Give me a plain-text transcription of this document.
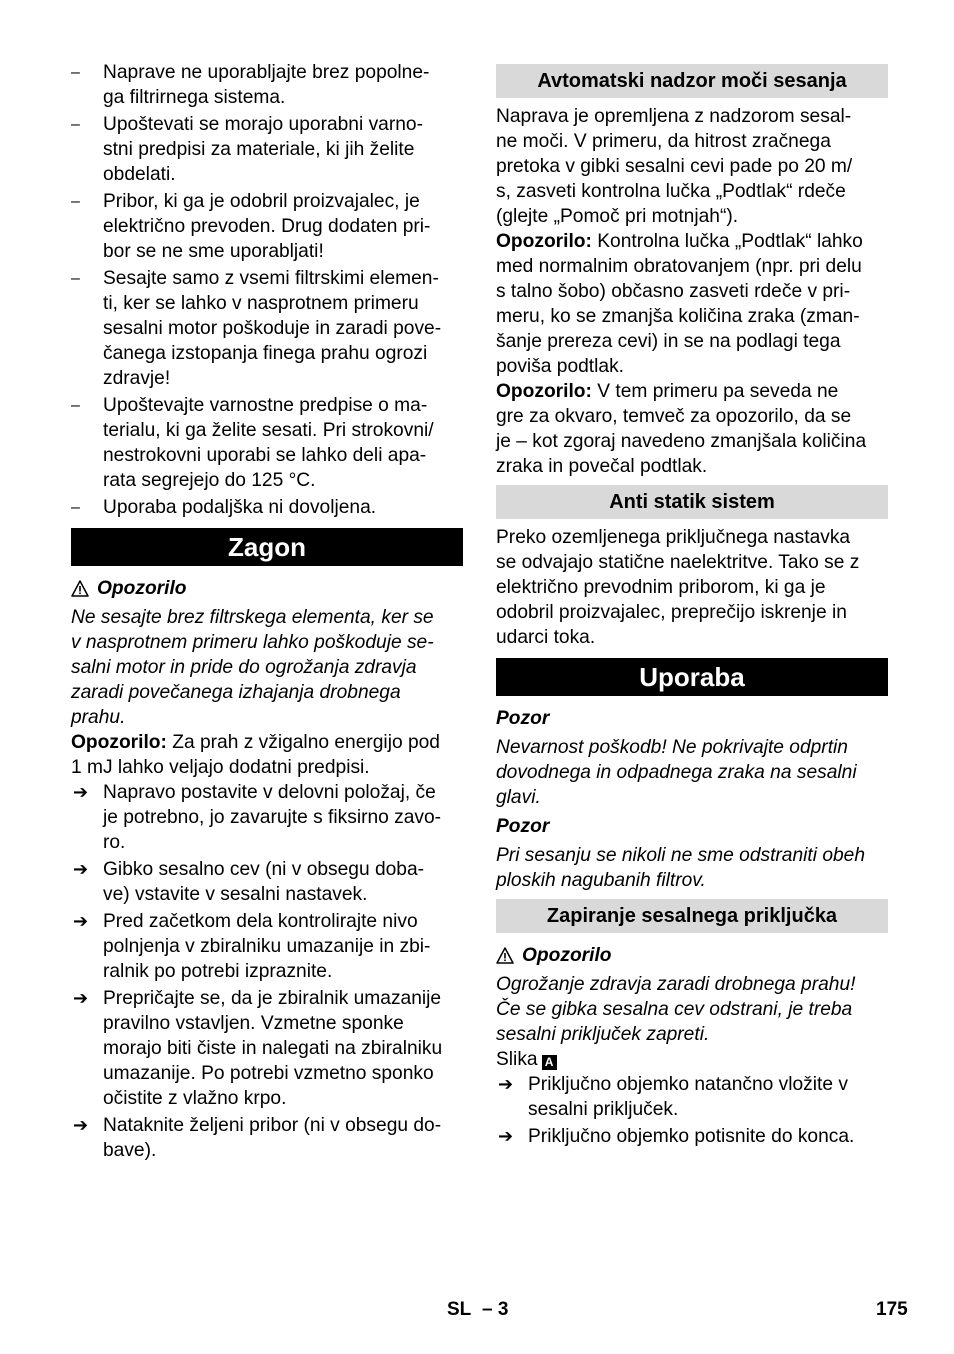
–	Naprave ne uporabljajte brez popolne-
ga filtrirnega sistema.

–	Upoštevati se morajo uporabni varno-
stni predpisi za materiale, ki jih želite
obdelati.

–	Pribor, ki ga je odobril proizvajalec, je
električno prevoden. Drug dodaten pri-
bor se ne sme uporabljati!

–	Sesajte samo z vsemi filtrskimi elemen-
ti, ker se lahko v nasprotnem primeru
sesalni motor poškoduje in zaradi pove-
čanega izstopanja finega prahu ogrozi
zdravje!

–	Upoštevajte varnostne predpise o ma-
terialu, ki ga želite sesati. Pri strokovni/
nestrokovni uporabi se lahko deli apa-
rata segrejejo do 125 °C.

–	Uporaba podaljška ni dovoljena.

Zagon
Opozorilo

Ne sesajte brez filtrskega elementa, ker se
v nasprotnem primeru lahko poškoduje se-
salni motor in pride do ogrožanja zdravja
zaradi povečanega izhajanja drobnega
prahu.

Opozorilo: Za prah z vžigalno energijo pod
1 mJ lahko veljajo dodatni predpisi.

➔ Napravo postavite v delovni položaj, če
je potrebno, jo zavarujte s fiksirno zavo-
ro.

➔ Gibko sesalno cev (ni v obsegu doba-
ve) vstavite v sesalni nastavek.

➔ Pred začetkom dela kontrolirajte nivo
polnjenja v zbiralniku umazanije in zbi-
ralnik po potrebi izpraznite.

➔ Prepričajte se, da je zbiralnik umazanije
pravilno vstavljen. Vzmetne sponke
morajo biti čiste in nalegati na zbiralniku
umazanije. Po potrebi vzmetno sponko
očistite z vlažno krpo.

➔ Nataknite željeni pribor (ni v obsegu do-
bave).

Avtomatski nadzor moči sesanja

Naprava je opremljena z nadzorom sesal-
ne moči. V primeru, da hitrost zračnega
pretoka v gibki sesalni cevi pade po 20 m/
s, zasveti kontrolna lučka „Podtlak“ rdeče
(glejte „Pomoč pri motnjah“).

Opozorilo: Kontrolna lučka „Podtlak“ lahko
med normalnim obratovanjem (npr. pri delu
s talno šobo) občasno zasveti rdeče v pri-
meru, ko se zmanjša količina zraka (zman-
šanje prereza cevi) in se na podlagi tega
poviša podtlak.

Opozorilo: V tem primeru pa seveda ne
gre za okvaro, temveč za opozorilo, da se
je – kot zgoraj navedeno zmanjšala količina
zraka in povečal podtlak.

Anti statik sistem

Preko ozemljenega priključnega nastavka
se odvajajo statične naelektritve. Tako se z
električno prevodnim priborom, ki ga je
odobril proizvajalec, preprečijo iskrenje in
udarci toka.

Uporaba

Pozor

Nevarnost poškodb! Ne pokrivajte odprtin
dovodnega in odpadnega zraka na sesalni
glavi.

Pozor

Pri sesanju se nikoli ne sme odstraniti obeh
ploskih nagubanih filtrov.

Zapiranje sesalnega priključka
Opozorilo

Ogrožanje zdravja zaradi drobnega prahu!
Če se gibka sesalna cev odstrani, je treba
sesalni priključek zapreti.

Slika A

➔ Priključno objemko natančno vložite v
sesalni priključek.

➔ Priključno objemko potisnite do konca.

SL – 3	175
